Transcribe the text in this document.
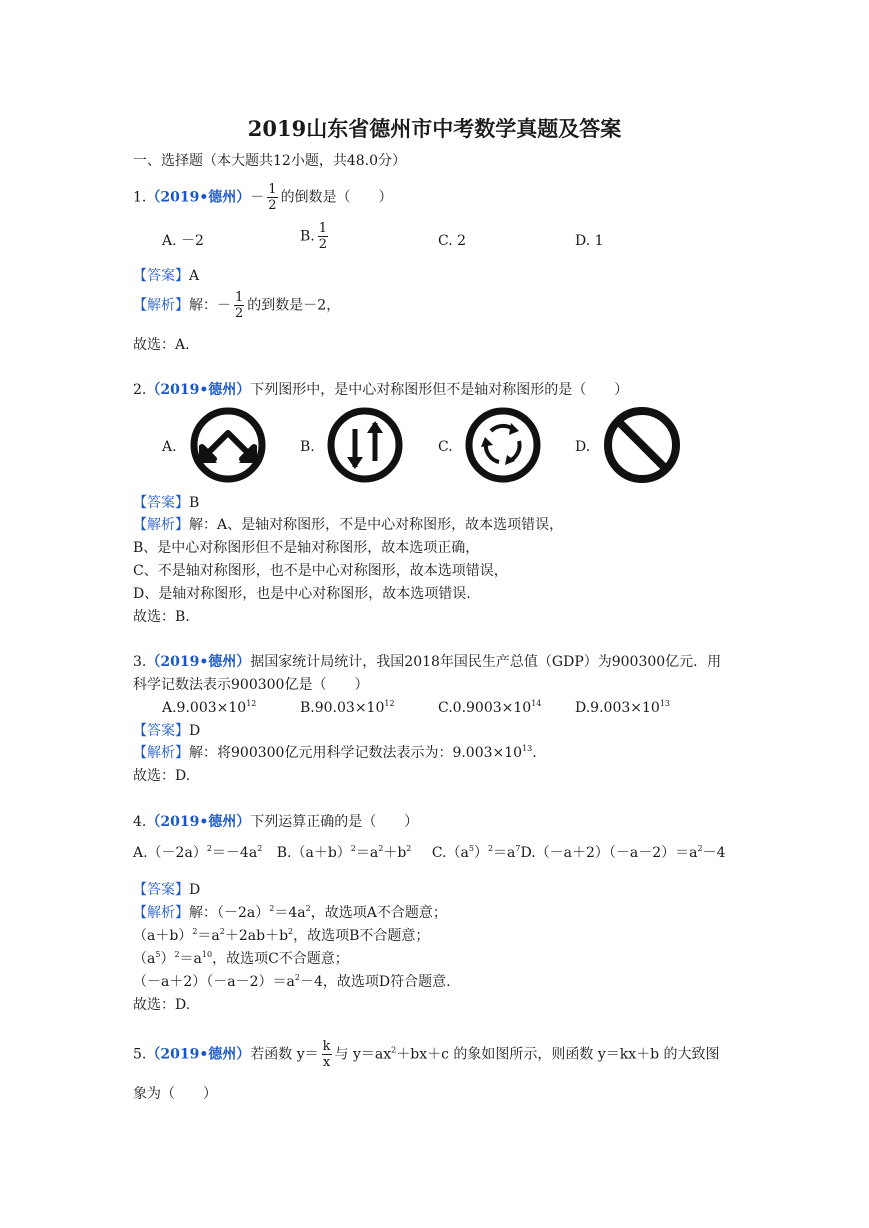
2019山东省德州市中考数学真题及答案
一、选择题（本大题共12小题，共48.0分）
1.（2019•德州）－ $\frac{1}{2}$ 的倒数是（　　）
A. －2	B. $\frac{1}{2}$	C. 2	D. 1
【答案】A
【解析】解：－ $\frac{1}{2}$ 的到数是－2，
故选：A.
2.（2019•德州）下列图形中，是中心对称图形但不是轴对称图形的是（　　）
A.	B.	C.	D.
【答案】B
【解析】解：A、是轴对称图形，不是中心对称图形，故本选项错误，
B、是中心对称图形但不是轴对称图形，故本选项正确，
C、不是轴对称图形，也不是中心对称图形，故本选项错误，
D、是轴对称图形，也是中心对称图形，故本选项错误.
故选：B.
3.（2019•德州）据国家统计局统计，我国2018年国民生产总值（GDP）为900300亿元．用
科学记数法表示900300亿是（　　）
$A.9.003\times 10^{12}$	$B.90.03\times 10^{12}$	$C.0.9003\times 10^{14}$ $D.9.003\times 10^{13}$
【答案】D
【解析】解：将900300亿元用科学记数法表示为：$9.003\times 10^{13}$.
故选：D.
4.（2019•德州）下列运算正确的是（　　）
$A.(-2a)^2=-4a^2$ $B.(a+b)^2=a^2+b^2$ $C.(a^5)^2=a^7D.(-a+2)(-a-2)=a^2-4$
【答案】D
【解析】解：$(-2a)^2=4a^2$，故选项A不合题意；
$(a+b)^2=a^2+2ab+b^2$，故选项B不合题意；
$(a^5)^2=a^{10}$，故选项C不合题意；
$(-a+2)(-a-2)=a^2-4$，故选项D符合题意.
故选：D.
5.（2019•德州）若函数 $y= \frac{k}{x}$ 与 $y=ax^2+bx+c$ 的象如图所示，则函数 y＝kx＋b 的大致图
象为（　　）
